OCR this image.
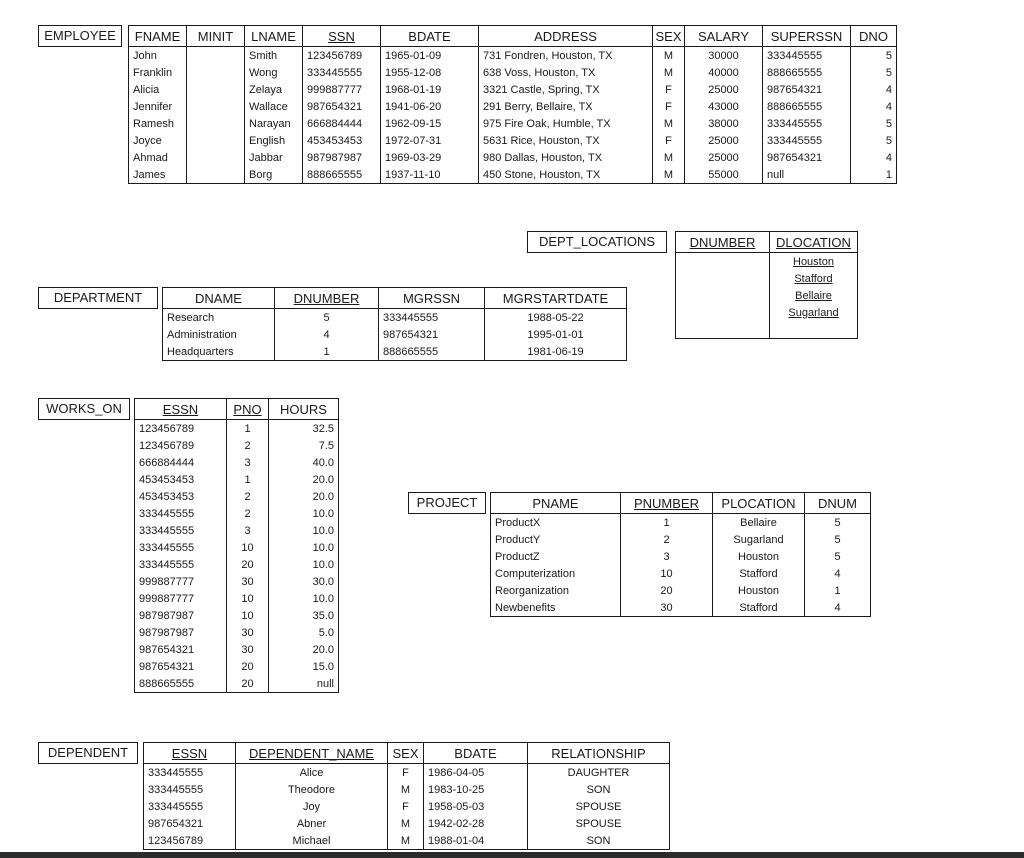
EMPLOYEE	FNAME	MINIT	LNAME	SSN	BDATE	ADDRESS	SEX	SALARY	SUPERSSN	DNO
John		Smith	123456789	1965-01-09	731 Fondren, Houston, TX	M	30000	333445555	5
Franklin		Wong	333445555	1955-12-08	638 Voss, Houston, TX	M	40000	888665555	5
Alicia		Zelaya	999887777	1968-01-19	3321 Castle, Spring, TX	F	25000	987654321	4
Jennifer		Wallace	987654321	1941-06-20	291 Berry, Bellaire, TX	F	43000	888665555	4
Ramesh		Narayan	666884444	1962-09-15	975 Fire Oak, Humble, TX	M	38000	333445555	5
Joyce		English	453453453	1972-07-31	5631 Rice, Houston, TX	F	25000	333445555	5
Ahmad		Jabbar	987987987	1969-03-29	980 Dallas, Houston, TX	M	25000	987654321	4
James		Borg	888665555	1937-11-10	450 Stone, Houston, TX	M	55000	null	1
DEPT_LOCATIONS	DNUMBER	DLOCATION
	Houston
	Stafford
	Bellaire
	Sugarland

DEPARTMENT	DNAME	DNUMBER	MGRSSN	MGRSTARTDATE
Research	5	333445555	1988-05-22
Administration	4	987654321	1995-01-01
Headquarters	1	888665555	1981-06-19
WORKS_ON	ESSN	PNO	HOURS
123456789	1	32.5
123456789	2	7.5
666884444	3	40.0
453453453	1	20.0
453453453	2	20.0
333445555	2	10.0
333445555	3	10.0
333445555	10	10.0
333445555	20	10.0
999887777	30	30.0
999887777	10	10.0
987987987	10	35.0
987987987	30	5.0
987654321	30	20.0
987654321	20	15.0
888665555	20	null
PROJECT	PNAME	PNUMBER	PLOCATION	DNUM
ProductX	1	Bellaire	5
ProductY	2	Sugarland	5
ProductZ	3	Houston	5
Computerization	10	Stafford	4
Reorganization	20	Houston	1
Newbenefits	30	Stafford	4
DEPENDENT	ESSN	DEPENDENT_NAME	SEX	BDATE	RELATIONSHIP
333445555	Alice	F	1986-04-05	DAUGHTER
333445555	Theodore	M	1983-10-25	SON
333445555	Joy	F	1958-05-03	SPOUSE
987654321	Abner	M	1942-02-28	SPOUSE
123456789	Michael	M	1988-01-04	SON
